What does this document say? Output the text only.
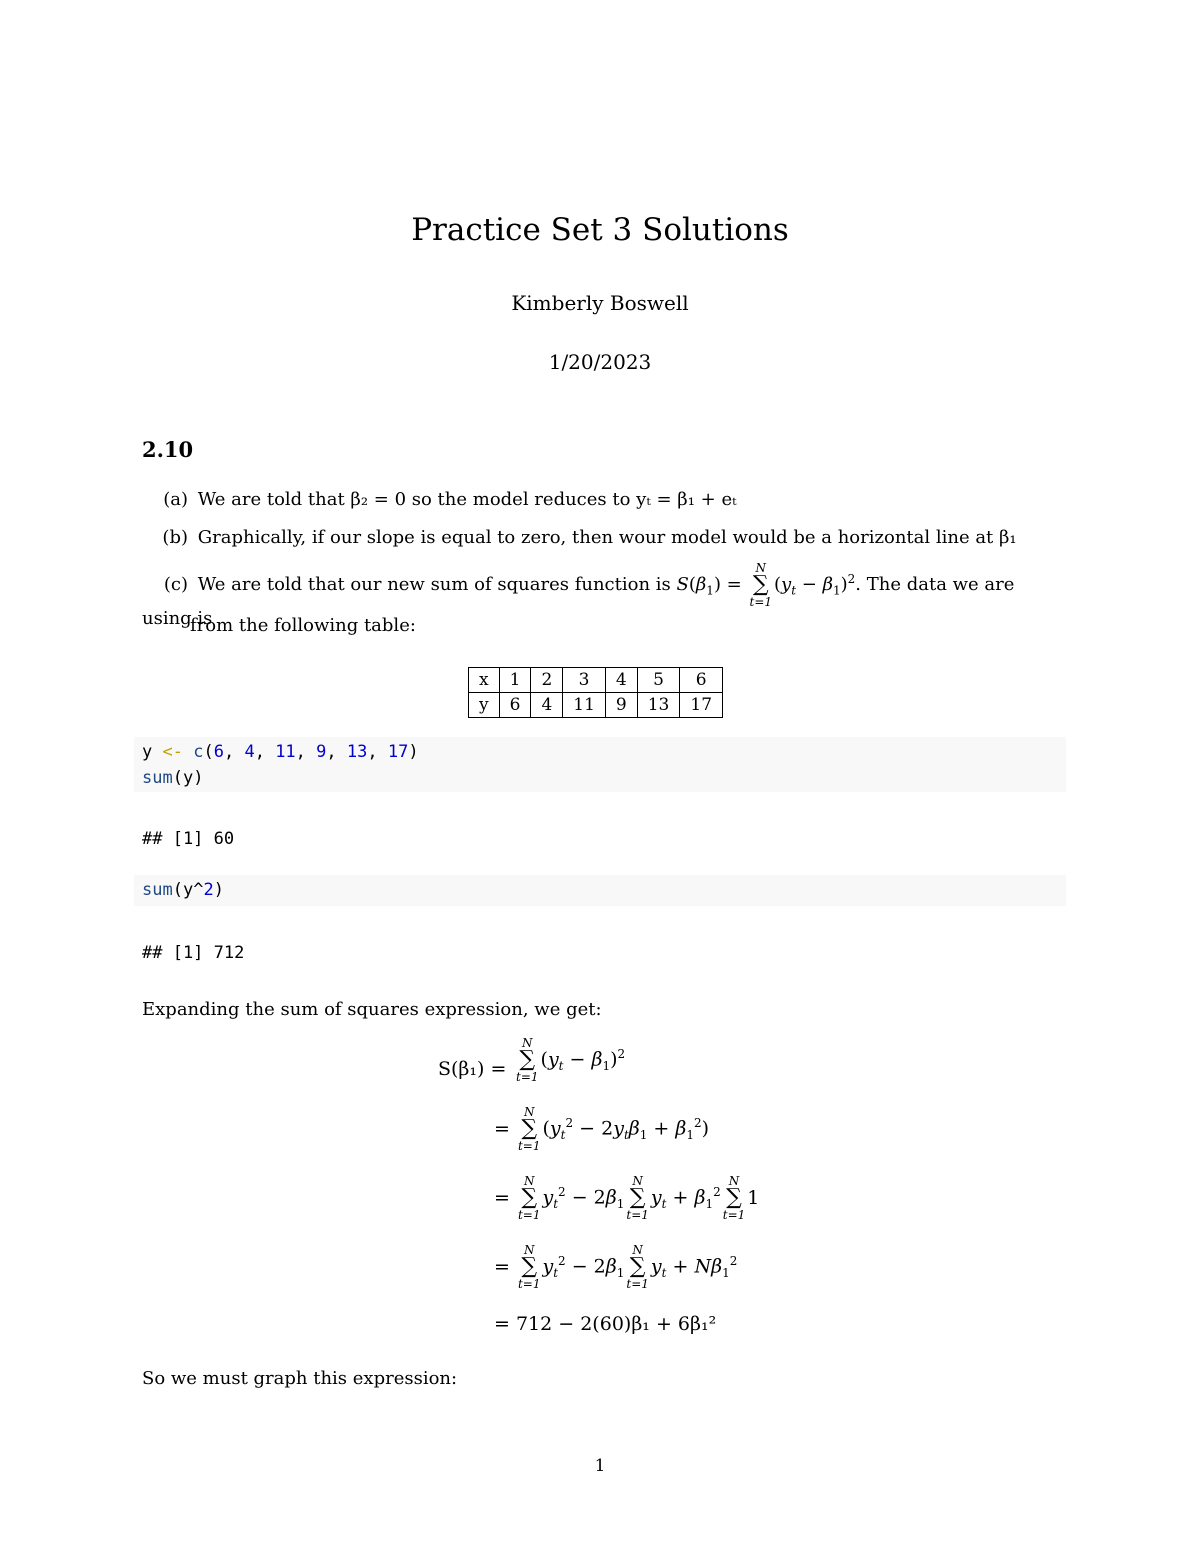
Practice Set 3 Solutions
Kimberly Boswell
1/20/2023
2.10
(a) We are told that β₂ = 0 so the model reduces to yₜ = β₁ + eₜ
(b) Graphically, if our slope is equal to zero, then wour model would be a horizontal line at β₁
(c) We are told that our new sum of squares function is $S(\beta_1)$ =
N
∑
t=1
$(y_t - \beta_1)^2$. The data we are using is
from the following table:
x	1	2	3	4	5	6
y	6	4	11	9	13	17
y <- c(6, 4, 11, 9, 13, 17)
sum(y)
## [1] 60
sum(y^2)
## [1] 712
Expanding the sum of squares expression, we get:
S(β₁) =
N
∑
t=1
$(y_t - \beta_1)^2$
=
N
∑
t=1
$(y_t^2 - 2y_t\beta_1 + \beta_1^2)$
=
N
∑
t=1
$y_t^2 - 2\beta_1$
N
∑
t=1
$y_t + \beta_1^2$
N
∑
t=1
1
=
N
∑
t=1
$y_t^2 - 2\beta_1$
N
∑
t=1
$y_t + N\beta_1^2$
= 712 − 2(60)β₁ + 6β₁²
So we must graph this expression:
1
